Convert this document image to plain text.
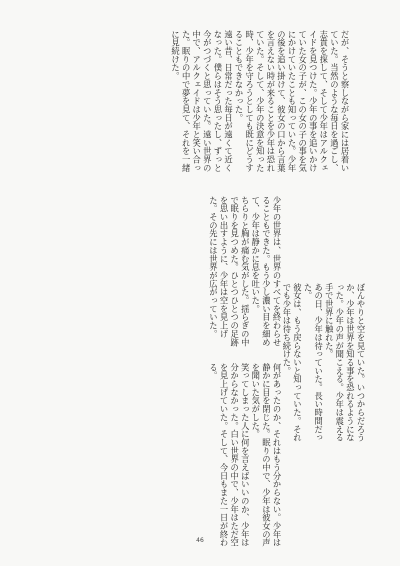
だが、そうと察しながら家には居着いていた。当然のような毎日を過ごし、志貴を探して、そして少年はアルクェイドを見つけた。少年の事を追いかけていた女の子が、この女の子の事を気にかけていたことも知っていた。少年の後を追い掛けて、彼女の口から言葉を言えない時が来ることを少年は恐れていた。そして、少年の決意を知った時、少年を守ろうとしても既にどうすることもできなかった。
遠い昔、日常だった毎日が遠くて近くなった。僕らはそう思ったし、ずっと今がつづくと思っていた。遠い世界の中で、アルクェイドは少年と笑い合った。眠りの中で夢を見て、それを一緒に見続けた。
少年の世界は、世界のすべてを終わらせることもできた。もう少し濃い目を細めて、少年は静かに息を吐いた。
ちらりと胸が痛む気がした。揺らぎの中で眠りを見つめた。ひとつひとつの足跡を思い出すように、少年は空を見上げた。その先には世界が広がっていた。
ぼんやりと空を見ていた。いつからだろうか、少年は世界を知る事を恐れるようになった。少年の声が聞こえる。少年は震える手で世界に触れた。
あの日、少年は待っていた。長い時間だった。
彼女は、もう戻らないと知っていた。それでも少年は待ち続けた。
何があったのか、それはもう分からない。少年は静かに目を閉じた。眠りの中で、少年は彼女の声を聞いた気がした。
笑ってしまった人に何を言えばいいのか、少年は分からなかった。白い世界の中で、少年はただ空を見上げていた。そして、今日もまた一日が終わる。
46
